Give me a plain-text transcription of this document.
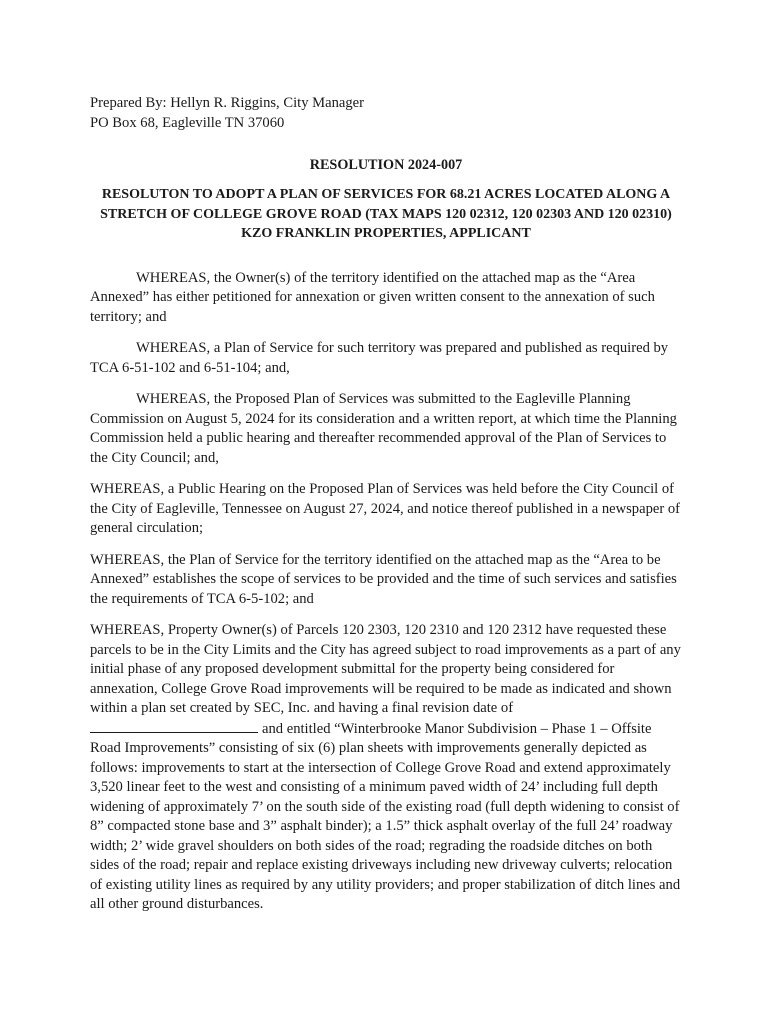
Prepared By: Hellyn R. Riggins, City Manager

PO Box 68, Eagleville TN 37060

RESOLUTION 2024-007

RESOLUTON TO ADOPT A PLAN OF SERVICES FOR 68.21 ACRES LOCATED ALONG A STRETCH OF COLLEGE GROVE ROAD (TAX MAPS 120 02312, 120 02303 AND 120 02310) KZO FRANKLIN PROPERTIES, APPLICANT

WHEREAS, the Owner(s) of the territory identified on the attached map as the “Area Annexed” has either petitioned for annexation or given written consent to the annexation of such territory; and

WHEREAS, a Plan of Service for such territory was prepared and published as required by TCA 6-51-102 and 6-51-104; and,

WHEREAS, the Proposed Plan of Services was submitted to the Eagleville Planning Commission on August 5, 2024 for its consideration and a written report, at which time the Planning Commission held a public hearing and thereafter recommended approval of the Plan of Services to the City Council; and,

WHEREAS, a Public Hearing on the Proposed Plan of Services was held before the City Council of the City of Eagleville, Tennessee on August 27, 2024, and notice thereof published in a newspaper of general circulation;

WHEREAS, the Plan of Service for the territory identified on the attached map as the “Area to be Annexed” establishes the scope of services to be provided and the time of such services and satisfies the requirements of TCA 6-5-102; and

WHEREAS, Property Owner(s) of Parcels 120 2303, 120 2310 and 120 2312 have requested these parcels to be in the City Limits and the City has agreed subject to road improvements as a part of any initial phase of any proposed development submittal for the property being considered for annexation, College Grove Road improvements will be required to be made as indicated and shown within a plan set created by SEC, Inc. and having a final revision date of and entitled “Winterbrooke Manor Subdivision – Phase 1 – Offsite Road Improvements” consisting of six (6) plan sheets with improvements generally depicted as follows: improvements to start at the intersection of College Grove Road and extend approximately 3,520 linear feet to the west and consisting of a minimum paved width of 24’ including full depth widening of approximately 7’ on the south side of the existing road (full depth widening to consist of 8” compacted stone base and 3” asphalt binder); a 1.5” thick asphalt overlay of the full 24’ roadway width; 2’ wide gravel shoulders on both sides of the road; regrading the roadside ditches on both sides of the road; repair and replace existing driveways including new driveway culverts; relocation of existing utility lines as required by any utility providers; and proper stabilization of ditch lines and all other ground disturbances.
